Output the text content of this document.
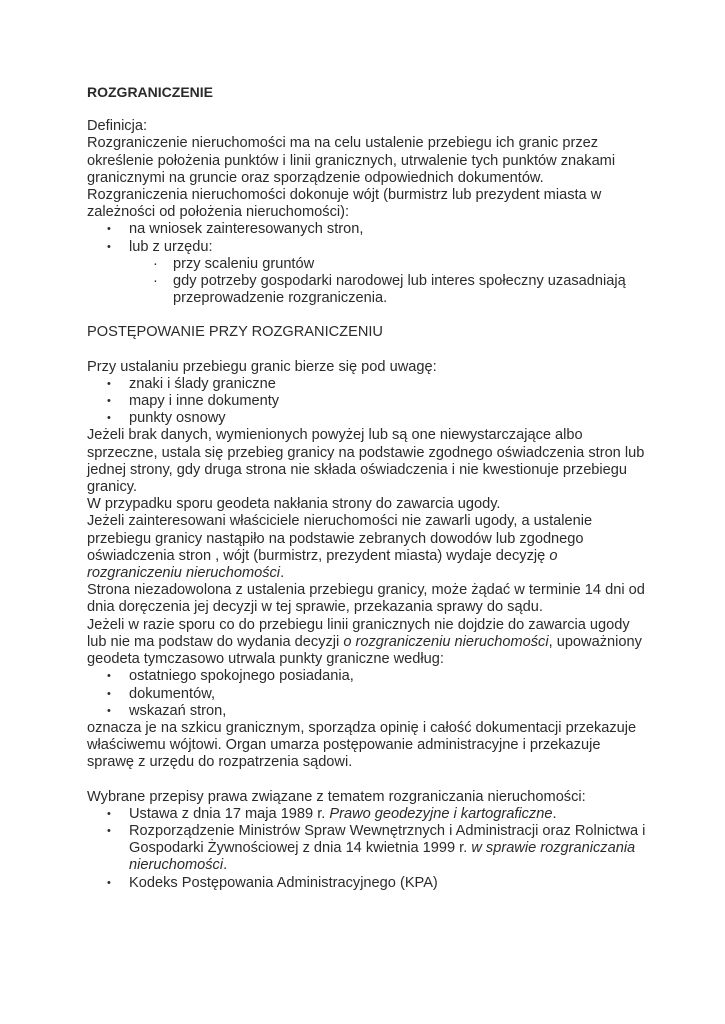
ROZGRANICZENIE

Definicja:

Rozgraniczenie nieruchomości ma na celu ustalenie przebiegu ich granic przez określenie położenia punktów i linii granicznych, utrwalenie tych punktów znakami granicznymi na gruncie oraz sporządzenie odpowiednich dokumentów.

Rozgraniczenia nieruchomości dokonuje wójt (burmistrz lub prezydent miasta w zależności od położenia nieruchomości):

• na wniosek zainteresowanych stron,
• lub z urzędu:
· przy scaleniu gruntów
· gdy potrzeby gospodarki narodowej lub interes społeczny uzasadniają przeprowadzenie rozgraniczenia.

POSTĘPOWANIE PRZY ROZGRANICZENIU

Przy ustalaniu przebiegu granic bierze się pod uwagę:

• znaki i ślady graniczne
• mapy i inne dokumenty
• punkty osnowy

Jeżeli brak danych, wymienionych powyżej lub są one niewystarczające albo sprzeczne, ustala się przebieg granicy na podstawie zgodnego oświadczenia stron lub jednej strony, gdy druga strona nie składa oświadczenia i nie kwestionuje przebiegu granicy.

W przypadku sporu geodeta nakłania strony do zawarcia ugody.

Jeżeli zainteresowani właściciele nieruchomości nie zawarli ugody, a ustalenie przebiegu granicy nastąpiło na podstawie zebranych dowodów lub zgodnego oświadczenia stron , wójt (burmistrz, prezydent miasta) wydaje decyzję o rozgraniczeniu nieruchomości.

Strona niezadowolona z ustalenia przebiegu granicy, może żądać w terminie 14 dni od dnia doręczenia jej decyzji w tej sprawie, przekazania sprawy do sądu.

Jeżeli w razie sporu co do przebiegu linii granicznych nie dojdzie do zawarcia ugody lub nie ma podstaw do wydania decyzji o rozgraniczeniu nieruchomości, upoważniony geodeta tymczasowo utrwala punkty graniczne według:

• ostatniego spokojnego posiadania,
• dokumentów,
• wskazań stron,

oznacza je na szkicu granicznym, sporządza opinię i całość dokumentacji przekazuje właściwemu wójtowi. Organ umarza postępowanie administracyjne i przekazuje sprawę z urzędu do rozpatrzenia sądowi.

Wybrane przepisy prawa związane z tematem rozgraniczania nieruchomości:

• Ustawa z dnia 17 maja 1989 r. Prawo geodezyjne i kartograficzne.
• Rozporządzenie Ministrów Spraw Wewnętrznych i Administracji oraz Rolnictwa i Gospodarki Żywnościowej z dnia 14 kwietnia 1999 r. w sprawie rozgraniczania nieruchomości.
• Kodeks Postępowania Administracyjnego (KPA)
